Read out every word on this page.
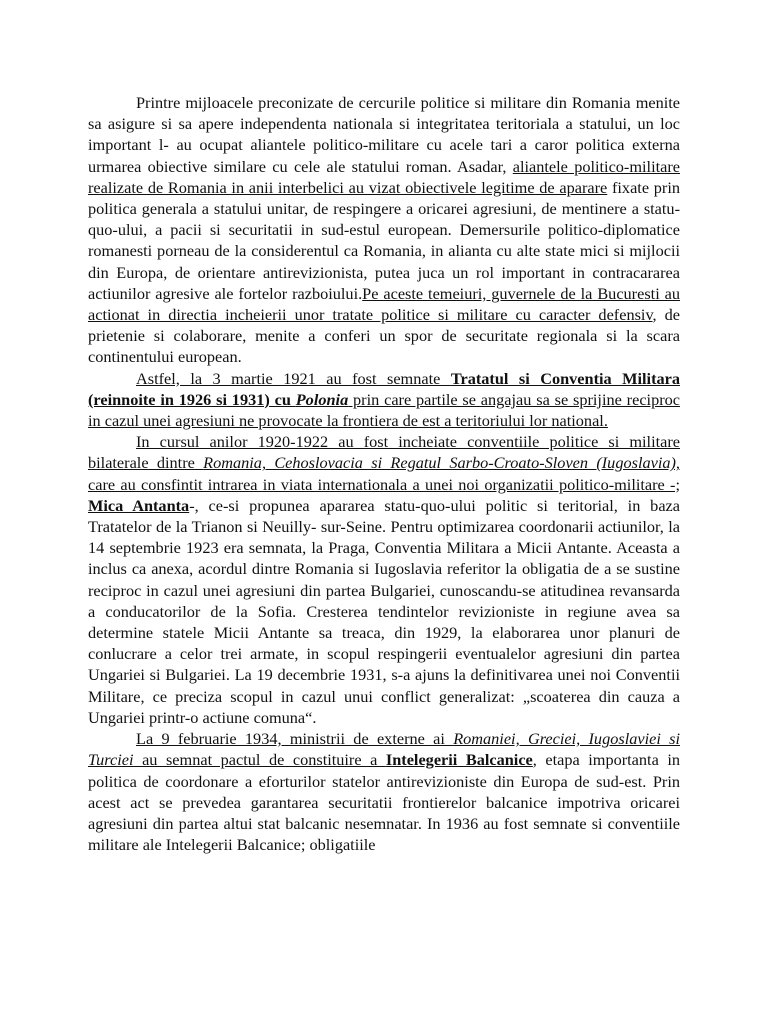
Printre mijloacele preconizate de cercurile politice si militare din Romania menite sa asigure si sa apere independenta nationala si integritatea teritoriala a statului, un loc important l- au ocupat aliantele politico-militare cu acele tari a caror politica externa urmarea obiective similare cu cele ale statului roman. Asadar, aliantele politico-militare realizate de Romania in anii interbelici au vizat obiectivele legitime de aparare fixate prin politica generala a statului unitar, de respingere a oricarei agresiuni, de mentinere a statu-quo-ului, a pacii si securitatii in sud-estul european. Demersurile politico-diplomatice romanesti porneau de la considerentul ca Romania, in alianta cu alte state mici si mijlocii din Europa, de orientare antirevizionista, putea juca un rol important in contracararea actiunilor agresive ale fortelor razboiului.Pe aceste temeiuri, guvernele de la Bucuresti au actionat in directia incheierii unor tratate politice si militare cu caracter defensiv, de prietenie si colaborare, menite a conferi un spor de securitate regionala si la scara continentului european.

Astfel, la 3 martie 1921 au fost semnate Tratatul si Conventia Militara (reinnoite in 1926 si 1931) cu Polonia prin care partile se angajau sa se sprijine reciproc in cazul unei agresiuni ne provocate la frontiera de est a teritoriului lor national.

In cursul anilor 1920-1922 au fost incheiate conventiile politice si militare bilaterale dintre Romania, Cehoslovacia si Regatul Sarbo-Croato-Sloven (Iugoslavia), care au consfintit intrarea in viata internationala a unei noi organizatii politico-militare -; Mica Antanta-, ce-si propunea apararea statu-quo-ului politic si teritorial, in baza Tratatelor de la Trianon si Neuilly- sur-Seine. Pentru optimizarea coordonarii actiunilor, la 14 septembrie 1923 era semnata, la Praga, Conventia Militara a Micii Antante. Aceasta a inclus ca anexa, acordul dintre Romania si Iugoslavia referitor la obligatia de a se sustine reciproc in cazul unei agresiuni din partea Bulgariei, cunoscandu-se atitudinea revansarda a conducatorilor de la Sofia. Cresterea tendintelor revizioniste in regiune avea sa determine statele Micii Antante sa treaca, din 1929, la elaborarea unor planuri de conlucrare a celor trei armate, in scopul respingerii eventualelor agresiuni din partea Ungariei si Bulgariei. La 19 decembrie 1931, s-a ajuns la definitivarea unei noi Conventii Militare, ce preciza scopul in cazul unui conflict generalizat: „scoaterea din cauza a Ungariei printr-o actiune comuna“.

La 9 februarie 1934, ministrii de externe ai Romaniei, Greciei, Iugoslaviei si Turciei au semnat pactul de constituire a Intelegerii Balcanice, etapa importanta in politica de coordonare a eforturilor statelor antirevizioniste din Europa de sud-est. Prin acest act se prevedea garantarea securitatii frontierelor balcanice impotriva oricarei agresiuni din partea altui stat balcanic nesemnatar. In 1936 au fost semnate si conventiile militare ale Intelegerii Balcanice; obligatiile
